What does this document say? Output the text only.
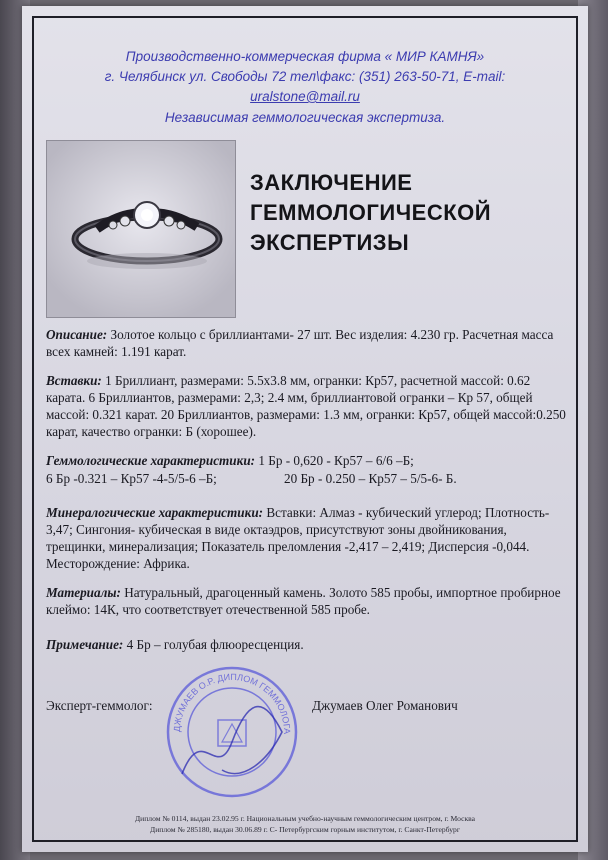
Производственно-коммерческая фирма « МИР КАМНЯ»
г. Челябинск ул. Свободы 72 тел\факс: (351) 263-50-71, E-mail:
uralstone@mail.ru
Независимая геммологическая экспертиза.
ЗАКЛЮЧЕНИЕ
ГЕММОЛОГИЧЕСКОЙ
ЭКСПЕРТИЗЫ
Описание: Золотое кольцо с бриллиантами- 27 шт. Вес изделия: 4.230 гр. Расчетная масса всех камней: 1.191 карат.
Вставки: 1 Бриллиант, размерами: 5.5х3.8 мм, огранки: Кр57, расчетной массой: 0.62 карата. 6 Бриллиантов, размерами: 2,3; 2.4 мм, бриллиантовой огранки – Кр 57, общей массой: 0.321 карат. 20 Бриллиантов, размерами: 1.3 мм, огранки: Кр57, общей массой:0.250 карат, качество огранки: Б (хорошее).
Геммологические характеристики: 1 Бр - 0,620 - Кр57 – 6/6 –Б;
6 Бр -0.321 – Кр57 -4-5/5-6 –Б;	20 Бр - 0.250 – Кр57 – 5/5-6- Б.
Минералогические характеристики: Вставки: Алмаз - кубический углерод; Плотность- 3,47; Сингония- кубическая в виде октаэдров, присутствуют зоны двойникования, трещинки, минерализация; Показатель преломления -2,417 – 2,419; Дисперсия -0,044. Месторождение: Африка.
Материалы: Натуральный, драгоценный камень. Золото 585 пробы, импортное пробирное клеймо: 14К, что соответствует отечественной 585 пробе.
Примечание: 4 Бр – голубая флюоресценция.
ДЖУМАЕВ О.Р. ДИПЛОМ ГЕММОЛОГА
Эксперт-геммолог:	Джумаев Олег Романович
Диплом № 0114, выдан 23.02.95 г. Национальным учебно-научным геммологическим центром, г. Москва
Диплом № 285180, выдан 30.06.89 г. С- Петербургским горным институтом, г. Санкт-Петербург
